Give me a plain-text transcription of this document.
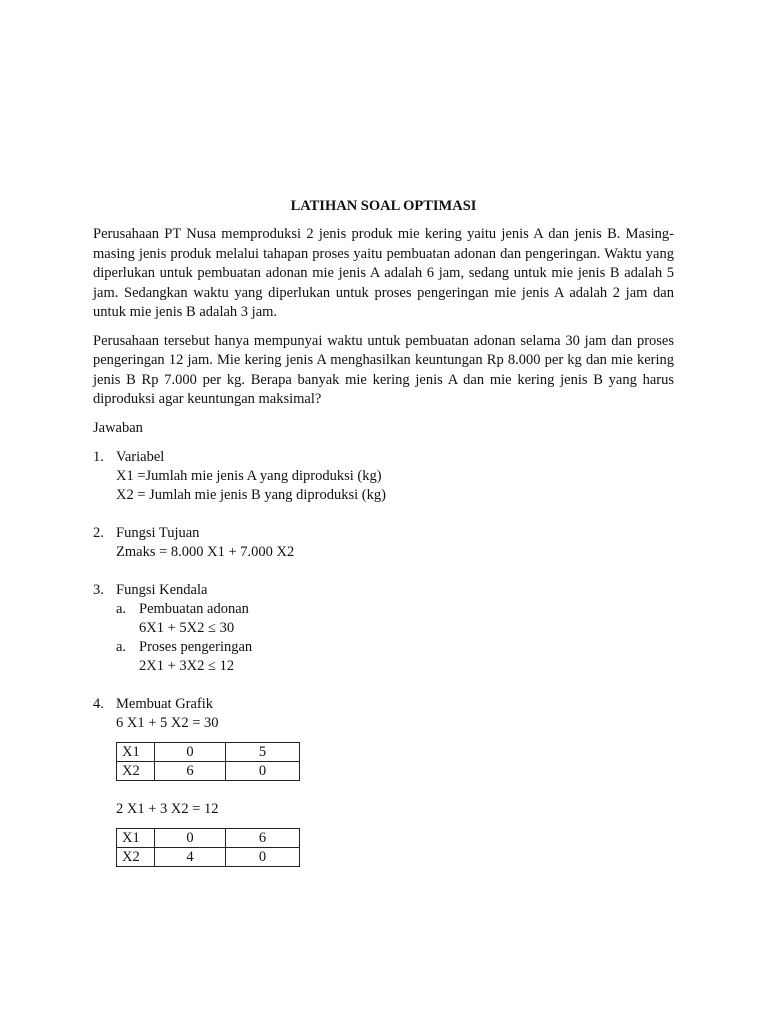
LATIHAN SOAL OPTIMASI
Perusahaan PT Nusa memproduksi 2 jenis produk mie kering yaitu jenis A dan jenis B. Masing-masing jenis produk melalui tahapan proses yaitu pembuatan adonan dan pengeringan. Waktu yang diperlukan untuk pembuatan adonan mie jenis A adalah 6 jam, sedang untuk mie jenis B adalah 5 jam. Sedangkan waktu yang diperlukan untuk proses pengeringan mie jenis A adalah 2 jam dan untuk mie jenis B adalah 3 jam.
Perusahaan tersebut hanya mempunyai waktu untuk pembuatan adonan selama 30 jam dan proses pengeringan 12 jam. Mie kering jenis A menghasilkan keuntungan Rp 8.000 per kg dan mie kering jenis B Rp 7.000 per kg. Berapa banyak mie kering jenis A dan mie kering jenis B yang harus diproduksi agar keuntungan maksimal?
Jawaban
1. Variabel
X1 =Jumlah mie jenis A yang diproduksi (kg)
X2 = Jumlah mie jenis B yang diproduksi (kg)
2. Fungsi Tujuan
Zmaks = 8.000 X1 + 7.000 X2
3. Fungsi Kendala
a. Pembuatan adonan
6X1 + 5X2 ≤ 30
a. Proses pengeringan
2X1 + 3X2 ≤ 12
4. Membuat Grafik
6 X1 + 5 X2 = 30
X1	0	5
X2	6	0
2 X1 + 3 X2 = 12
X1	0	6
X2	4	0
